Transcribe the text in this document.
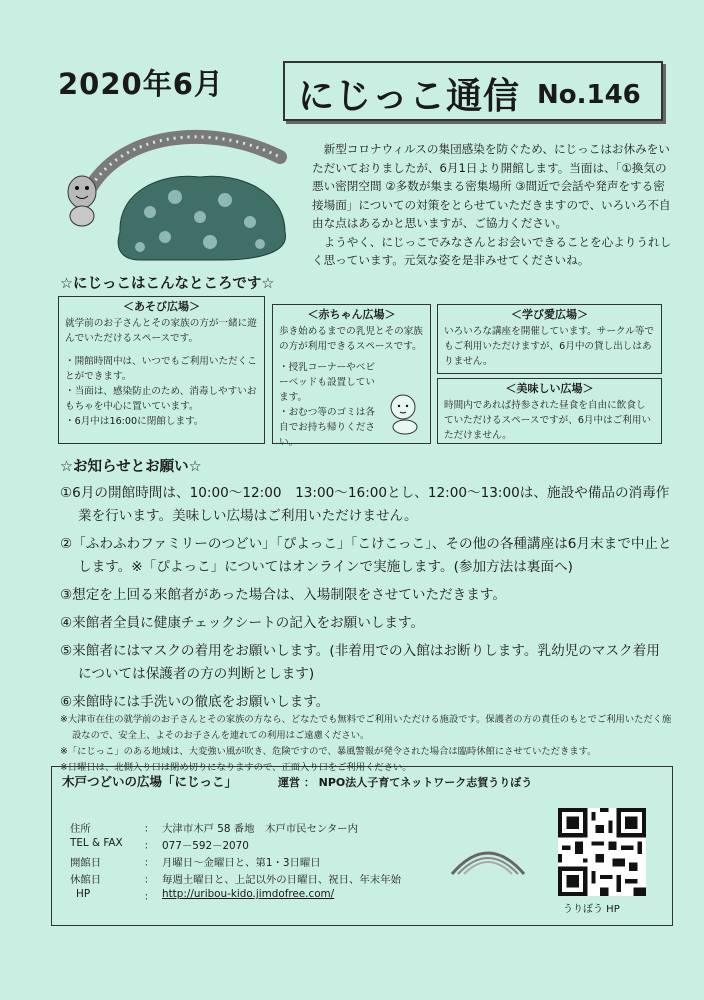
2020年6月 にじっこ通信 No.146

新型コロナウィルスの集団感染を防ぐため、にじっこはお休みをいただいておりましたが、6月1日より開館します。当面は、「①換気の悪い密閉空間 ②多数が集まる密集場所 ③間近で会話や発声をする密接場面」についての対策をとらせていただきますので、いろいろ不自由な点はあるかと思いますが、ご協力ください。

ようやく、にじっこでみなさんとお会いできることを心よりうれしく思っています。元気な姿を是非みせてくださいね。

☆にじっこはこんなところです☆
＜あそび広場＞

就学前のお子さんとその家族の方が一緒に遊んでいただけるスペースです。

・開館時間中は、いつでもご利用いただくことができます。
・当面は、感染防止のため、消毒しやすいおもちゃを中心に置いています。
・6月中は16:00に閉館します。
＜赤ちゃん広場＞

歩き始めるまでの乳児とその家族の方が利用できるスペースです。

・授乳コーナーやベビーベッドも設置しています。
・おむつ等のゴミは各自でお持ち帰りください。
＜学び愛広場＞

いろいろな講座を開催しています。サークル等でもご利用いただけますが、6月中の貸し出しはありません。

＜美味しい広場＞

時間内であれば持参された昼食を自由に飲食していただけるスペースですが、6月中はご利用いただけません。

☆お知らせとお願い☆
①6月の開館時間は、10:00～12:00　13:00～16:00とし、12:00～13:00は、施設や備品の消毒作業を行います。美味しい広場はご利用いただけません。
②「ふわふわファミリーのつどい」「ぴよっこ」「こけこっこ」、その他の各種講座は6月末まで中止とします。※「ぴよっこ」についてはオンラインで実施します。(参加方法は裏面へ)
③想定を上回る来館者があった場合は、入場制限をさせていただきます。
④来館者全員に健康チェックシートの記入をお願いします。
⑤来館者にはマスクの着用をお願いします。(非着用での入館はお断りします。乳幼児のマスク着用については保護者の方の判断とします)
⑥来館時には手洗いの徹底をお願いします。
※大津市在住の就学前のお子さんとその家族の方なら、どなたでも無料でご利用いただける施設です。保護者の方の責任のもとでご利用いただく施設なので、安全上、よそのお子さんを連れての利用はご遠慮ください。
※「にじっこ」のある地域は、大変強い風が吹き、危険ですので、暴風警報が発令された場合は臨時休館にさせていただきます。
※日曜日は、北側入り口は閉め切りになりますので、正面入り口をご利用ください。
木戸つどいの広場「にじっこ」	運営 ： NPO法人子育てネットワーク志賀うりぼう
住所	：	大津市木戸 58 番地　木戸市民センター内
TEL & FAX	：	077－592－2070
開館日	：	月曜日～金曜日と、第1・3日曜日
休館日	：	毎週土曜日と、上記以外の日曜日、祝日、年末年始
HP	：	http://uribou-kido.jimdofree.com/
うりぼう HP
